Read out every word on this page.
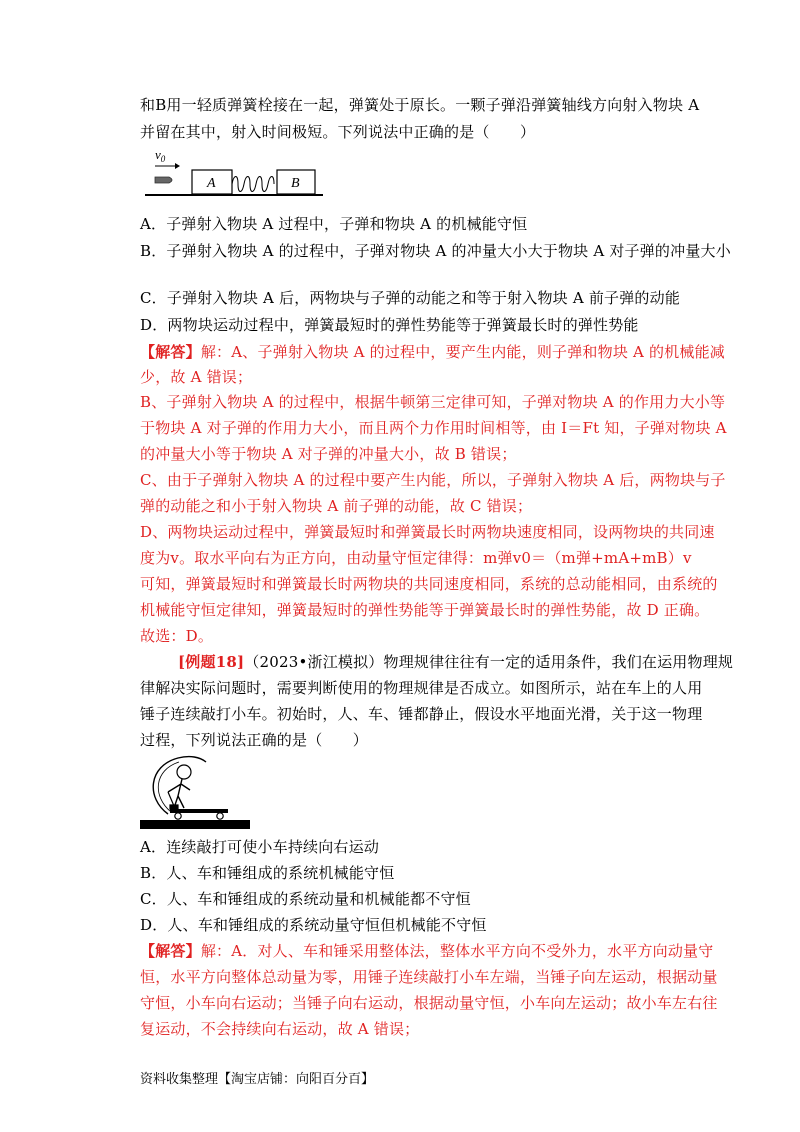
和B用一轻质弹簧栓接在一起，弹簧处于原长。一颗子弹沿弹簧轴线方向射入物块 A
并留在其中，射入时间极短。下列说法中正确的是（　　）
$v_0$
A	B
A．子弹射入物块 A 过程中，子弹和物块 A 的机械能守恒
B．子弹射入物块 A 的过程中，子弹对物块 A 的冲量大小大于物块 A 对子弹的冲量大小
C．子弹射入物块 A 后，两物块与子弹的动能之和等于射入物块 A 前子弹的动能
D．两物块运动过程中，弹簧最短时的弹性势能等于弹簧最长时的弹性势能
【解答】解：A、子弹射入物块 A 的过程中，要产生内能，则子弹和物块 A 的机械能减
少，故 A 错误；
B、子弹射入物块 A 的过程中，根据牛顿第三定律可知，子弹对物块 A 的作用力大小等
于物块 A 对子弹的作用力大小，而且两个力作用时间相等，由 I＝Ft 知，子弹对物块 A
的冲量大小等于物块 A 对子弹的冲量大小，故 B 错误；
C、由于子弹射入物块 A 的过程中要产生内能，所以，子弹射入物块 A 后，两物块与子
弹的动能之和小于射入物块 A 前子弹的动能，故 C 错误；
D、两物块运动过程中，弹簧最短时和弹簧最长时两物块速度相同，设两物块的共同速
度为v。取水平向右为正方向，由动量守恒定律得：m弹v0＝（m弹+mA+mB）v
可知，弹簧最短时和弹簧最长时两物块的共同速度相同，系统的总动能相同，由系统的
机械能守恒定律知，弹簧最短时的弹性势能等于弹簧最长时的弹性势能，故 D 正确。
故选：D。
[例题18]（2023•浙江模拟）物理规律往往有一定的适用条件，我们在运用物理规
律解决实际问题时，需要判断使用的物理规律是否成立。如图所示，站在车上的人用
锤子连续敲打小车。初始时，人、车、锤都静止，假设水平地面光滑，关于这一物理
过程，下列说法正确的是（　　）
A．连续敲打可使小车持续向右运动
B．人、车和锤组成的系统机械能守恒
C．人、车和锤组成的系统动量和机械能都不守恒
D．人、车和锤组成的系统动量守恒但机械能不守恒
【解答】解：A．对人、车和锤采用整体法，整体水平方向不受外力，水平方向动量守
恒，水平方向整体总动量为零，用锤子连续敲打小车左端，当锤子向左运动，根据动量
守恒，小车向右运动；当锤子向右运动，根据动量守恒，小车向左运动；故小车左右往
复运动，不会持续向右运动，故 A 错误；
资料收集整理【淘宝店铺：向阳百分百】
